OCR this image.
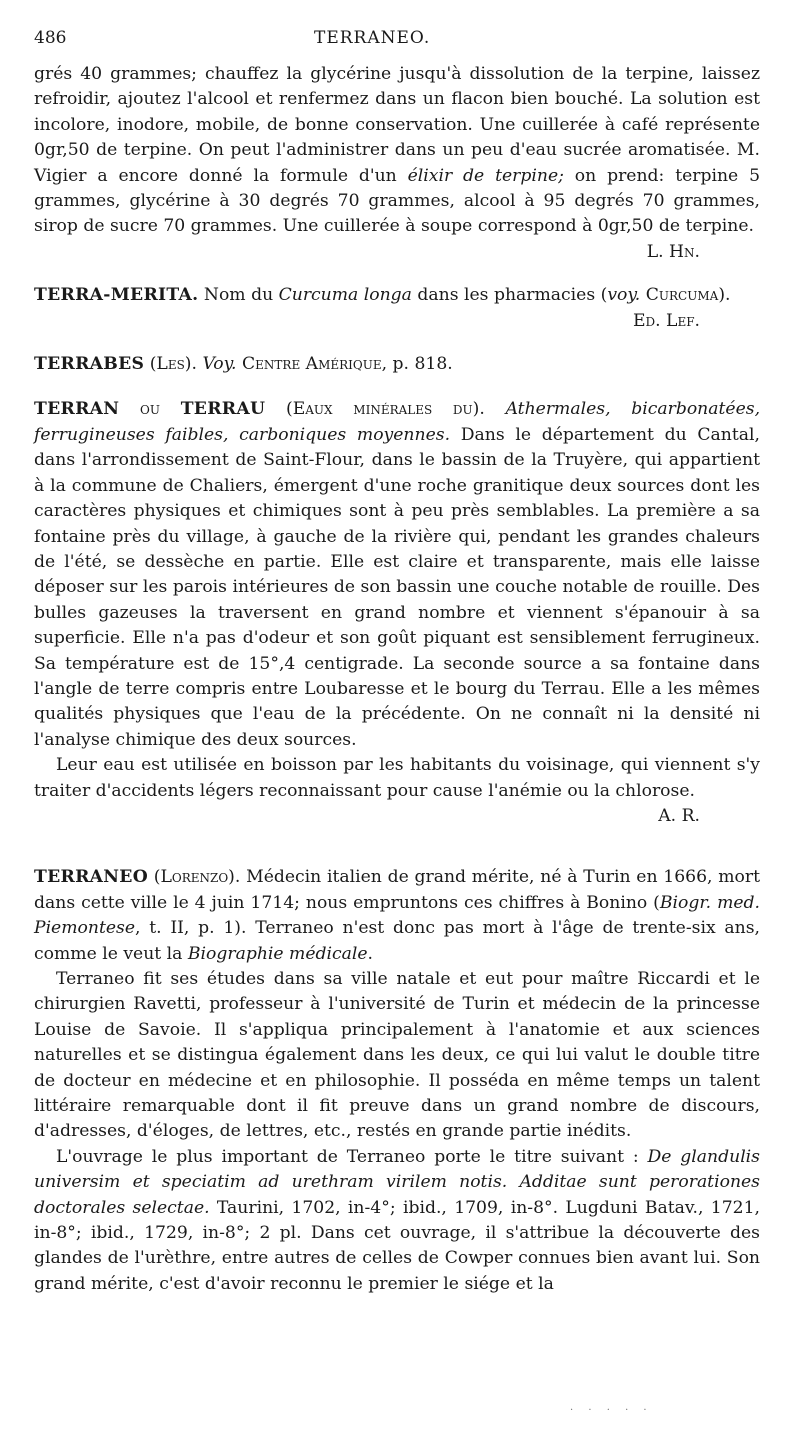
486	TERRANEO.

grés 40 grammes; chauffez la glycérine jusqu'à dissolution de la terpine, laissez refroidir, ajoutez l'alcool et renfermez dans un flacon bien bouché. La solution est incolore, inodore, mobile, de bonne conservation. Une cuillerée à café représente 0gr,50 de terpine. On peut l'administrer dans un peu d'eau sucrée aromatisée. M. Vigier a encore donné la formule d'un élixir de terpine; on prend: terpine 5 grammes, glycérine à 30 degrés 70 grammes, alcool à 95 degrés 70 grammes, sirop de sucre 70 grammes. Une cuillerée à soupe correspond à 0gr,50 de terpine.
L. Hn.

TERRA-MERITA. Nom du Curcuma longa dans les pharmacies (voy. Curcuma).
Ed. Lef.

TERRABES (Les). Voy. Centre Amérique, p. 818.

TERRAN ou TERRAU (Eaux minérales du). Athermales, bicarbonatées, ferrugineuses faibles, carboniques moyennes. Dans le département du Cantal, dans l'arrondissement de Saint-Flour, dans le bassin de la Truyère, qui appartient à la commune de Chaliers, émergent d'une roche granitique deux sources dont les caractères physiques et chimiques sont à peu près semblables. La première a sa fontaine près du village, à gauche de la rivière qui, pendant les grandes chaleurs de l'été, se dessèche en partie. Elle est claire et transparente, mais elle laisse déposer sur les parois intérieures de son bassin une couche notable de rouille. Des bulles gazeuses la traversent en grand nombre et viennent s'épanouir à sa superficie. Elle n'a pas d'odeur et son goût piquant est sensiblement ferrugineux. Sa température est de 15°,4 centigrade. La seconde source a sa fontaine dans l'angle de terre compris entre Loubaresse et le bourg du Terrau. Elle a les mêmes qualités physiques que l'eau de la précédente. On ne connaît ni la densité ni l'analyse chimique des deux sources.
Leur eau est utilisée en boisson par les habitants du voisinage, qui viennent s'y traiter d'accidents légers reconnaissant pour cause l'anémie ou la chlorose.
A. R.

TERRANEO (Lorenzo). Médecin italien de grand mérite, né à Turin en 1666, mort dans cette ville le 4 juin 1714; nous empruntons ces chiffres à Bonino (Biogr. med. Piemontese, t. II, p. 1). Terraneo n'est donc pas mort à l'âge de trente-six ans, comme le veut la Biographie médicale.
Terraneo fit ses études dans sa ville natale et eut pour maître Riccardi et le chirurgien Ravetti, professeur à l'université de Turin et médecin de la princesse Louise de Savoie. Il s'appliqua principalement à l'anatomie et aux sciences naturelles et se distingua également dans les deux, ce qui lui valut le double titre de docteur en médecine et en philosophie. Il posséda en même temps un talent littéraire remarquable dont il fit preuve dans un grand nombre de discours, d'adresses, d'éloges, de lettres, etc., restés en grande partie inédits.
L'ouvrage le plus important de Terraneo porte le titre suivant : De glandulis universim et speciatim ad urethram virilem notis. Additae sunt perorationes doctorales selectae. Taurini, 1702, in-4°; ibid., 1709, in-8°. Lugduni Batav., 1721, in-8°; ibid., 1729, in-8°; 2 pl. Dans cet ouvrage, il s'attribue la découverte des glandes de l'urèthre, entre autres de celles de Cowper connues bien avant lui. Son grand mérite, c'est d'avoir reconnu le premier le siége et la

· · · · ·
